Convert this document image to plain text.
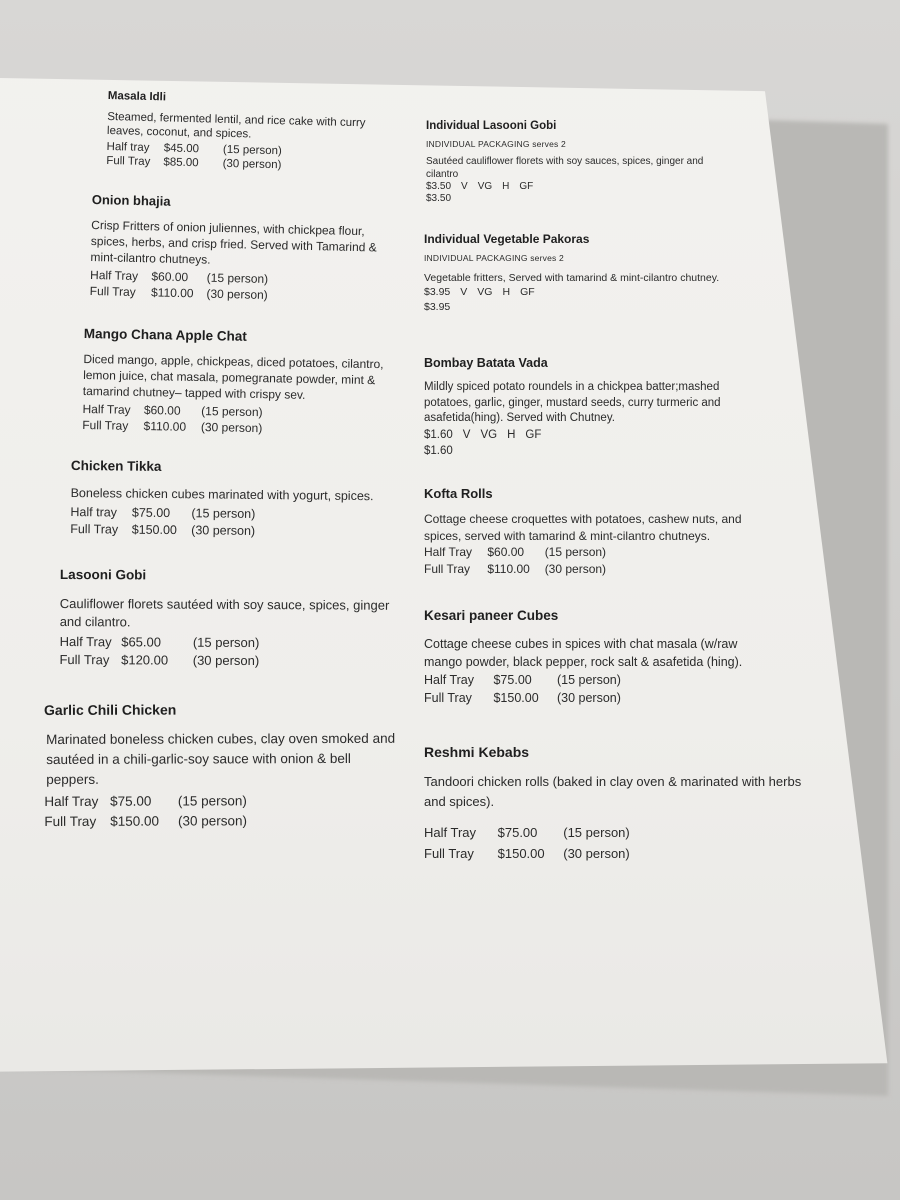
Masala Idli
Steamed, fermented lentil, and rice cake with curry leaves, coconut, and spices.
Half tray $45.00 (15 person)
Full Tray $85.00 (30 person)
Onion bhajia
Crisp Fritters of onion juliennes, with chickpea flour, spices, herbs, and crisp fried. Served with Tamarind & mint-cilantro chutneys.
Half Tray $60.00 (15 person)
Full Tray $110.00 (30 person)
Mango Chana Apple Chat
Diced mango, apple, chickpeas, diced potatoes, cilantro, lemon juice, chat masala, pomegranate powder, mint & tamarind chutney– tapped with crispy sev.
Half Tray $60.00 (15 person)
Full Tray $110.00 (30 person)
Chicken Tikka
Boneless chicken cubes marinated with yogurt, spices.
Half tray $75.00 (15 person)
Full Tray $150.00 (30 person)
Lasooni Gobi
Cauliflower florets sautéed with soy sauce, spices, ginger and cilantro.
Half Tray $65.00 (15 person)
Full Tray $120.00 (30 person)
Garlic Chili Chicken
Marinated boneless chicken cubes, clay oven smoked and sautéed in a chili-garlic-soy sauce with onion & bell peppers.
Half Tray $75.00 (15 person)
Full Tray $150.00 (30 person)
Individual Lasooni Gobi
INDIVIDUAL PACKAGING serves 2
Sautéed cauliflower florets with soy sauces, spices, ginger and cilantro
$3.50 V VG H GF
$3.50
Individual Vegetable Pakoras
INDIVIDUAL PACKAGING serves 2
Vegetable fritters, Served with tamarind & mint-cilantro chutney.
$3.95 V VG H GF
$3.95
Bombay Batata Vada
Mildly spiced potato roundels in a chickpea batter;mashed potatoes, garlic, ginger, mustard seeds, curry turmeric and asafetida(hing). Served with Chutney.
$1.60 V VG H GF
$1.60
Kofta Rolls
Cottage cheese croquettes with potatoes, cashew nuts, and spices, served with tamarind & mint-cilantro chutneys.
Half Tray $60.00 (15 person)
Full Tray $110.00 (30 person)
Kesari paneer Cubes
Cottage cheese cubes in spices with chat masala (w/raw mango powder, black pepper, rock salt & asafetida (hing).
Half Tray $75.00 (15 person)
Full Tray $150.00 (30 person)
Reshmi Kebabs
Tandoori chicken rolls (baked in clay oven & marinated with herbs and spices).
Half Tray $75.00 (15 person)
Full Tray $150.00 (30 person)
